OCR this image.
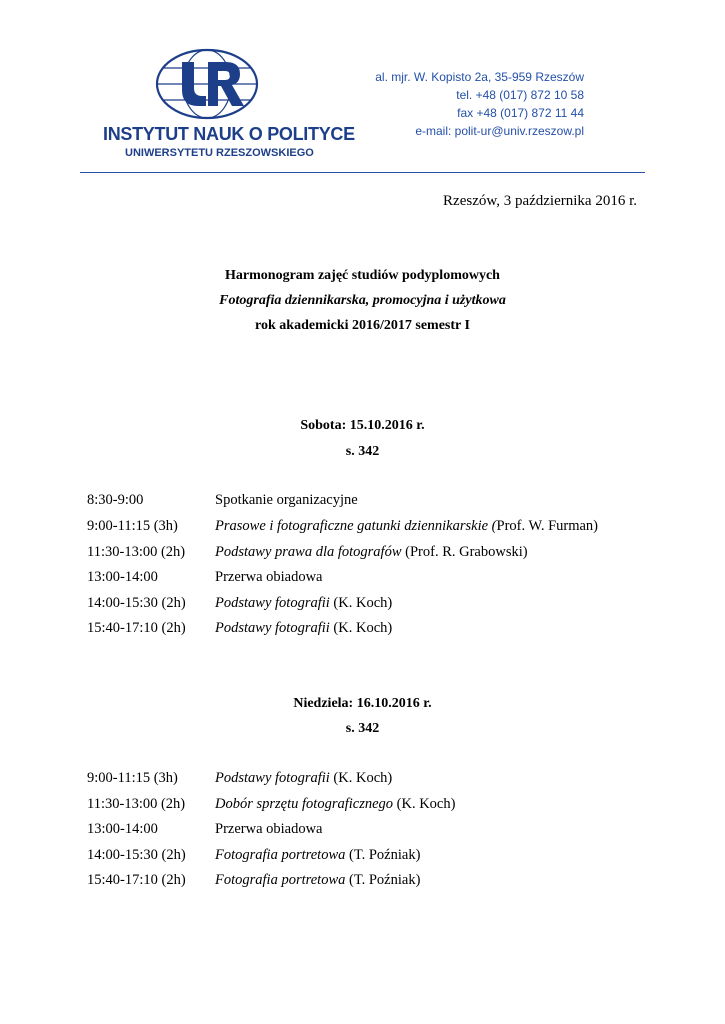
INSTYTUT NAUK O POLITYCE
UNIWERSYTETU RZESZOWSKIEGO
al. mjr. W. Kopisto 2a, 35-959 Rzeszów
tel. +48 (017) 872 10 58
fax +48 (017) 872 11 44
e-mail: polit-ur@univ.rzeszow.pl
Rzeszów, 3 października 2016 r.
Harmonogram zajęć studiów podyplomowych
Fotografia dziennikarska, promocyjna i użytkowa
rok akademicki 2016/2017 semestr I
Sobota: 15.10.2016 r.
s. 342
8:30-9:00	Spotkanie organizacyjne
9:00-11:15 (3h)	Prasowe i fotograficzne gatunki dziennikarskie (Prof. W. Furman)
11:30-13:00 (2h) Podstawy prawa dla fotografów (Prof. R. Grabowski)
13:00-14:00	Przerwa obiadowa
14:00-15:30 (2h) Podstawy fotografii (K. Koch)
15:40-17:10 (2h) Podstawy fotografii (K. Koch)
Niedziela: 16.10.2016 r.
s. 342
9:00-11:15 (3h)	Podstawy fotografii (K. Koch)
11:30-13:00 (2h) Dobór sprzętu fotograficznego (K. Koch)
13:00-14:00	Przerwa obiadowa
14:00-15:30 (2h) Fotografia portretowa (T. Poźniak)
15:40-17:10 (2h) Fotografia portretowa (T. Poźniak)
